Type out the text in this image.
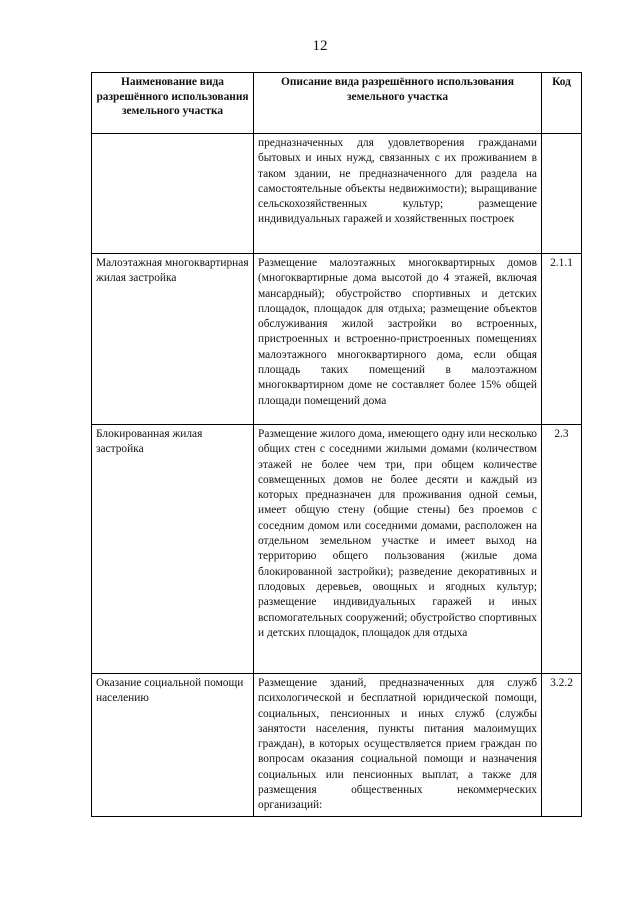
12
Наименование вида разрешённого использования земельного участка	Описание вида разрешённого использования земельного участка	Код
	предназначенных для удовлетворения гражданами бытовых и иных нужд, связанных с их проживанием в таком здании, не предназначенного для раздела на самостоятельные объекты недвижимости); выращивание сельскохозяйственных культур; размещение индивидуальных гаражей и хозяйственных построек	
Малоэтажная многоквартирная жилая застройка	Размещение малоэтажных многоквартирных домов (многоквартирные дома высотой до 4 этажей, включая мансардный); обустройство спортивных и детских площадок, площадок для отдыха; размещение объектов обслуживания жилой застройки во встроенных, пристроенных и встроенно-пристроенных помещениях малоэтажного многоквартирного дома, если общая площадь таких помещений в малоэтажном многоквартирном доме не составляет более 15% общей площади помещений дома	2.1.1
Блокированная жилая застройка	Размещение жилого дома, имеющего одну или несколько общих стен с соседними жилыми домами (количеством этажей не более чем три, при общем количестве совмещенных домов не более десяти и каждый из которых предназначен для проживания одной семьи, имеет общую стену (общие стены) без проемов с соседним домом или соседними домами, расположен на отдельном земельном участке и имеет выход на территорию общего пользования (жилые дома блокированной застройки); разведение декоративных и плодовых деревьев, овощных и ягодных культур; размещение индивидуальных гаражей и иных вспомогательных сооружений; обустройство спортивных и детских площадок, площадок для отдыха	2.3
Оказание социальной помощи населению	Размещение зданий, предназначенных для служб психологической и бесплатной юридической помощи, социальных, пенсионных и иных служб (службы занятости населения, пункты питания малоимущих граждан), в которых осуществляется прием граждан по вопросам оказания социальной помощи и назначения социальных или пенсионных выплат, а также для размещения общественных некоммерческих организаций:	3.2.2
